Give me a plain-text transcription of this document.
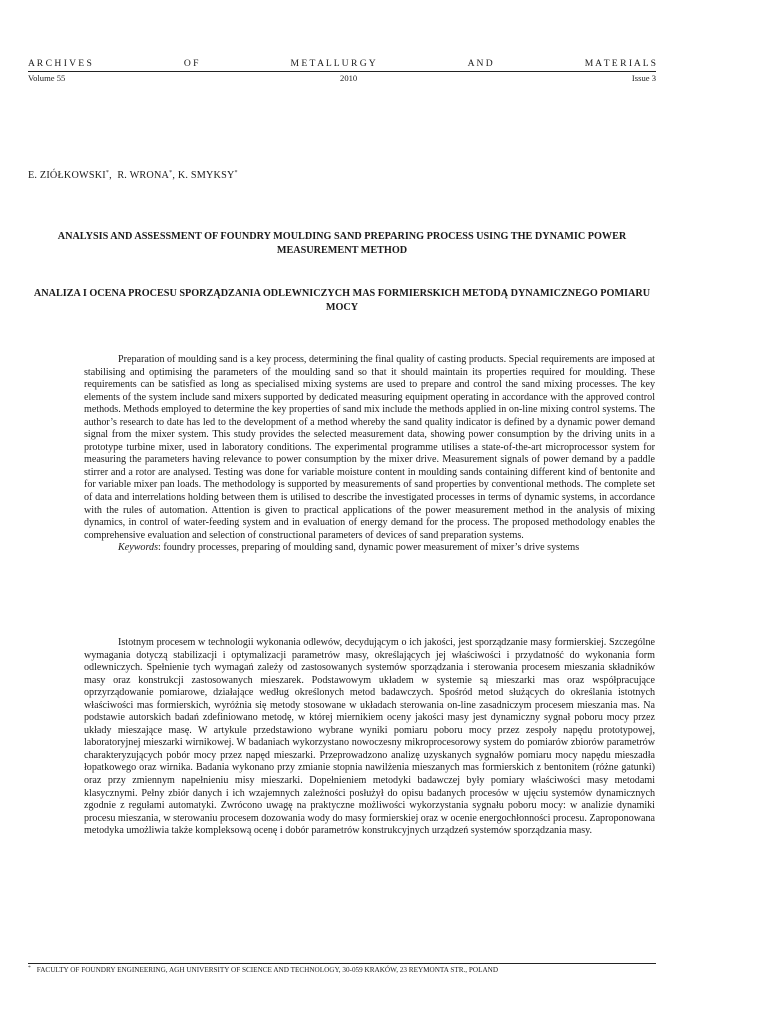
A R C H I V E S	O F	M E T A L L U R G Y	A N D	M A T E R I A L S
Volume 55	2010	Issue 3
E. ZIÓŁKOWSKI*, R. WRONA*, K. SMYKSY*
ANALYSIS AND ASSESSMENT OF FOUNDRY MOULDING SAND PREPARING PROCESS USING THE DYNAMIC POWER MEASUREMENT METHOD
ANALIZA I OCENA PROCESU SPORZĄDZANIA ODLEWNICZYCH MAS FORMIERSKICH METODĄ DYNAMICZNEGO POMIARU MOCY

Preparation of moulding sand is a key process, determining the final quality of casting products. Special requirements are imposed at stabilising and optimising the parameters of the moulding sand so that it should maintain its properties required for moulding. These requirements can be satisfied as long as specialised mixing systems are used to prepare and control the sand mixing processes. The key elements of the system include sand mixers supported by dedicated measuring equipment operating in accordance with the approved control methods. Methods employed to determine the key properties of sand mix include the methods applied in on-line mixing control systems. The author’s research to date has led to the development of a method whereby the sand quality indicator is defined by a dynamic power demand signal from the mixer system. This study provides the selected measurement data, showing power consumption by the driving units in a prototype turbine mixer, used in laboratory conditions. The experimental programme utilises a state-of-the-art microprocessor system for measuring the parameters having relevance to power consumption by the mixer drive. Measurement signals of power demand by a paddle stirrer and a rotor are analysed. Testing was done for variable moisture content in moulding sands containing different kind of bentonite and for variable mixer pan loads. The methodology is supported by measurements of sand properties by conventional methods. The complete set of data and interrelations holding between them is utilised to describe the investigated processes in terms of dynamic systems, in accordance with the rules of automation. Attention is given to practical applications of the power measurement method in the analysis of mixing dynamics, in control of water-feeding system and in evaluation of energy demand for the process. The proposed methodology enables the comprehensive evaluation and selection of constructional parameters of devices of sand preparation systems.

Keywords: foundry processes, preparing of moulding sand, dynamic power measurement of mixer’s drive systems

Istotnym procesem w technologii wykonania odlewów, decydującym o ich jakości, jest sporządzanie masy formierskiej. Szczególne wymagania dotyczą stabilizacji i optymalizacji parametrów masy, określających jej właściwości i przydatność do wykonania form odlewniczych. Spełnienie tych wymagań zależy od zastosowanych systemów sporządzania i sterowania procesem mieszania składników masy oraz konstrukcji zastosowanych mieszarek. Podstawowym układem w systemie są mieszarki mas oraz współpracujące oprzyrządowanie pomiarowe, działające według określonych metod badawczych. Spośród metod służących do określania istotnych właściwości mas formierskich, wyróżnia się metody stosowane w układach sterowania on-line zasadniczym procesem mieszania mas. Na podstawie autorskich badań zdefiniowano metodę, w której miernikiem oceny jakości masy jest dynamiczny sygnał poboru mocy przez układy mieszające masę. W artykule przedstawiono wybrane wyniki pomiaru poboru mocy przez zespoły napędu prototypowej, laboratoryjnej mieszarki wirnikowej. W badaniach wykorzystano nowoczesny mikroprocesorowy system do pomiarów zbiorów parametrów charakteryzujących pobór mocy przez napęd mieszarki. Przeprowadzono analizę uzyskanych sygnałów pomiaru mocy napędu mieszadła łopatkowego oraz wirnika. Badania wykonano przy zmianie stopnia nawilżenia mieszanych mas formierskich z bentonitem (różne gatunki) oraz przy zmiennym napełnieniu misy mieszarki. Dopełnieniem metodyki badawczej były pomiary właściwości masy metodami klasycznymi. Pełny zbiór danych i ich wzajemnych zależności posłużył do opisu badanych procesów w ujęciu systemów dynamicznych zgodnie z regułami automatyki. Zwrócono uwagę na praktyczne możliwości wykorzystania sygnału poboru mocy: w analizie dynamiki procesu mieszania, w sterowaniu procesem dozowania wody do masy formierskiej oraz w ocenie energochłonności procesu. Zaproponowana metodyka umożliwia także kompleksową ocenę i dobór parametrów konstrukcyjnych urządzeń systemów sporządzania masy.

* FACULTY OF FOUNDRY ENGINEERING, AGH UNIVERSITY OF SCIENCE AND TECHNOLOGY, 30-059 KRAKÓW, 23 REYMONTA STR., POLAND
